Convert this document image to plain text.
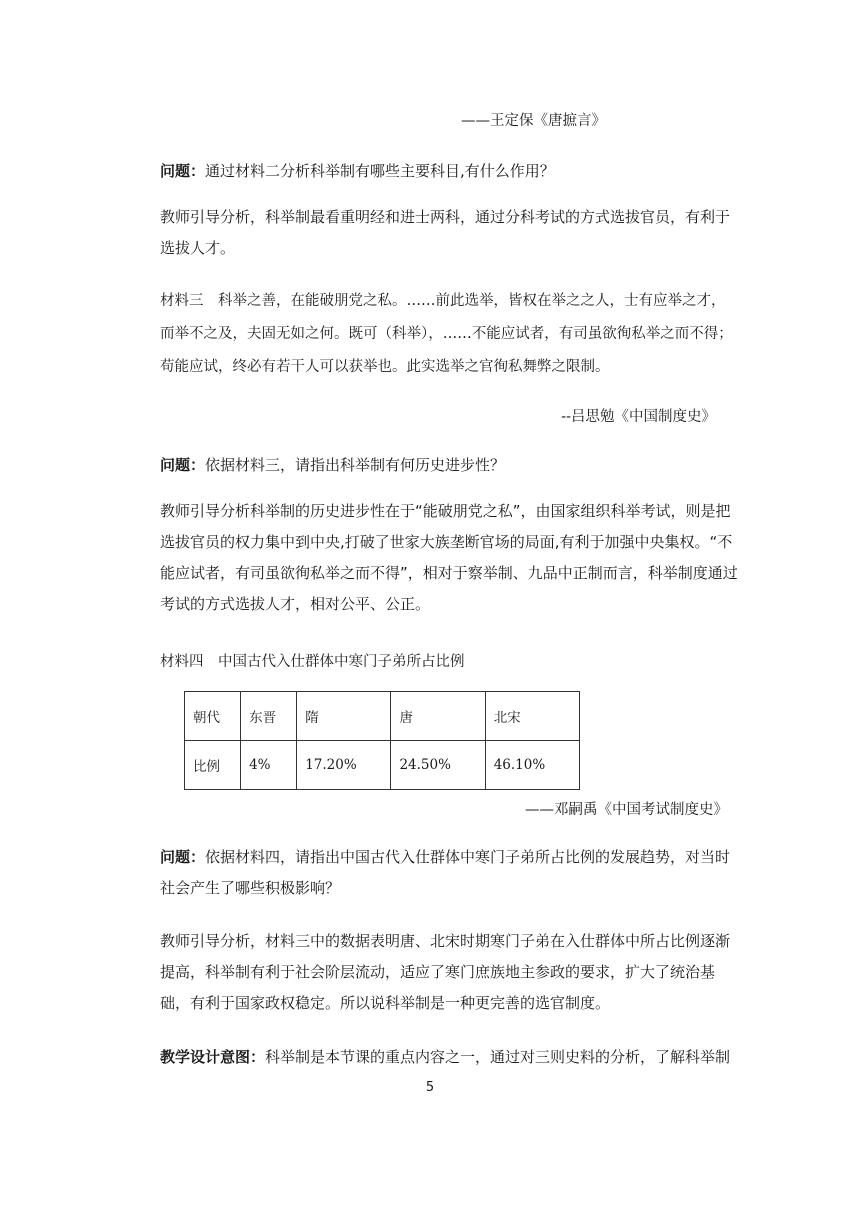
——王定保《唐摭言》

问题：通过材料二分析科举制有哪些主要科目,有什么作用？

教师引导分析，科举制最看重明经和进士两科，通过分科考试的方式选拔官员，有利于选拔人才。

材料三　科举之善，在能破朋党之私。……前此选举，皆权在举之之人，士有应举之才，

而举不之及，夫固无如之何。既可（科举），……不能应试者，有司虽欲徇私举之而不得；

苟能应试，终必有若干人可以获举也。此实选举之官徇私舞弊之限制。

--吕思勉《中国制度史》

问题：依据材料三，请指出科举制有何历史进步性？

教师引导分析科举制的历史进步性在于“能破朋党之私”，由国家组织科举考试，则是把选拔官员的权力集中到中央,打破了世家大族垄断官场的局面,有利于加强中央集权。“不能应试者，有司虽欲徇私举之而不得”，相对于察举制、九品中正制而言，科举制度通过考试的方式选拔人才，相对公平、公正。

材料四　中国古代入仕群体中寒门子弟所占比例

朝代	东晋	隋	唐	北宋
比例	4%	17.20%	24.50%	46.10%

——邓嗣禹《中国考试制度史》

问题：依据材料四，请指出中国古代入仕群体中寒门子弟所占比例的发展趋势，对当时社会产生了哪些积极影响？

教师引导分析，材料三中的数据表明唐、北宋时期寒门子弟在入仕群体中所占比例逐渐提高，科举制有利于社会阶层流动，适应了寒门庶族地主参政的要求，扩大了统治基础，有利于国家政权稳定。所以说科举制是一种更完善的选官制度。

教学设计意图：科举制是本节课的重点内容之一，通过对三则史料的分析，了解科举制

5
